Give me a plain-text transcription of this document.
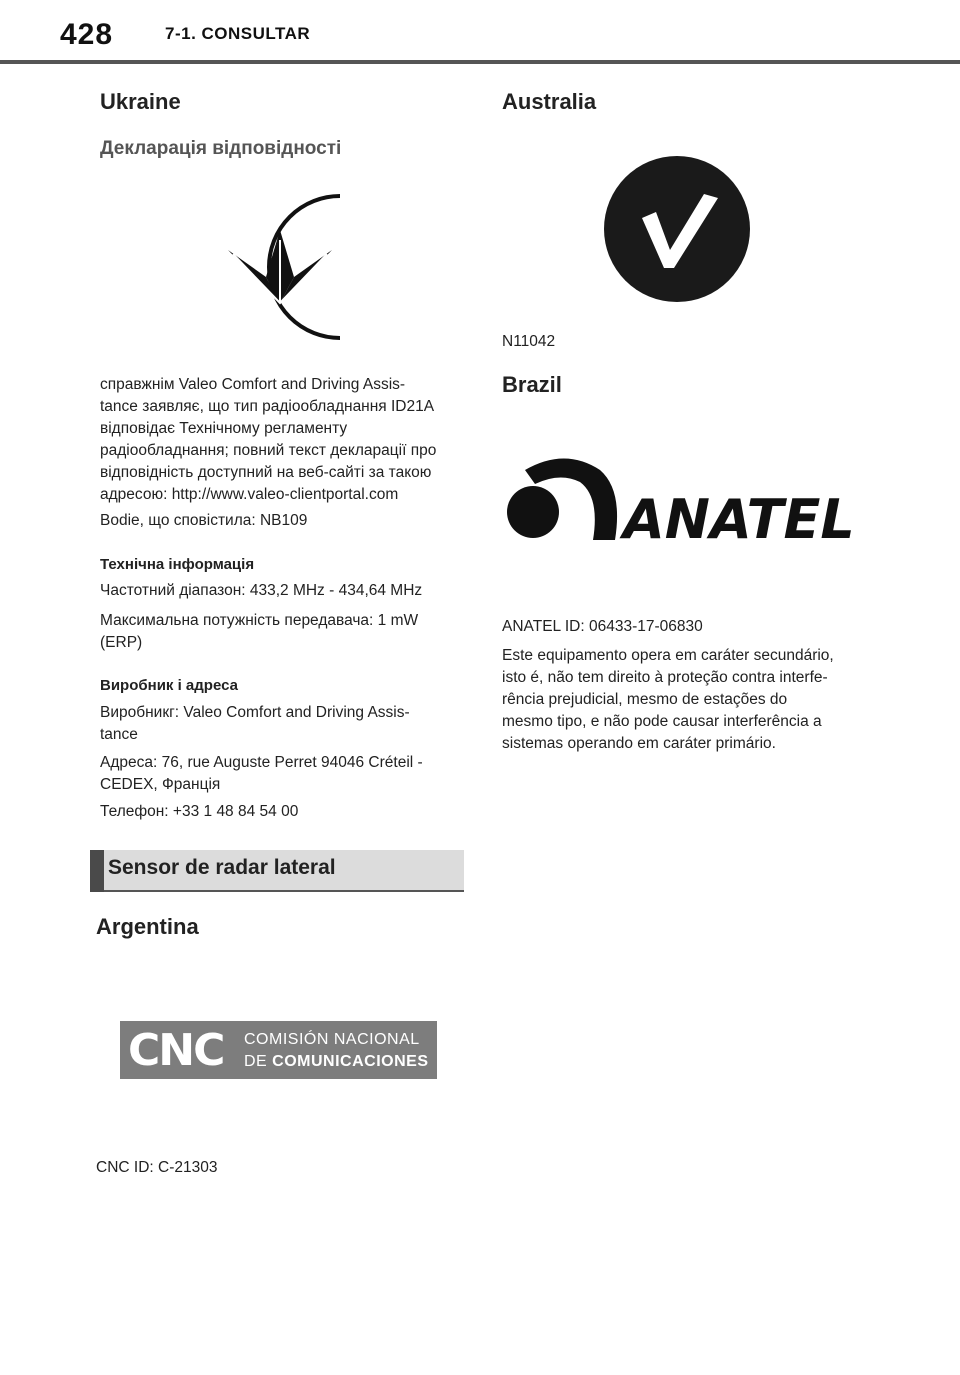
428	7-1. CONSULTAR
Ukraine
Декларація відповідності
справжнім Valeo Comfort and Driving Assis-
tance заявляє, що тип радіообладнання ID21A
відповідає Технічному регламенту
радіообладнання; повний текст декларації про
відповідність доступний на веб-сайті за такою
адресою: http://www.valeo-clientportal.com
Bodie, що сповістила: NB109
Технічна інформація
Частотний діапазон: 433,2 MHz - 434,64 MHz
Максимальна потужність передавача: 1 mW
(ERP)
Виробник і адреса
Виробникг: Valeo Comfort and Driving Assis-
tance
Адреса: 76, rue Auguste Perret 94046 Créteil -
CEDEX, Франція
Телефон: +33 1 48 84 54 00
Sensor de radar lateral
Argentina
CNC COMISIÓN NACIONAL
DE COMUNICACIONES
CNC ID: C-21303
Australia
N11042
Brazil
ANATEL
ANATEL ID: 06433-17-06830
Este equipamento opera em caráter secundário,
isto é, não tem direito à proteção contra interfe-
rência prejudicial, mesmo de estações do
mesmo tipo, e não pode causar interferência a
sistemas operando em caráter primário.
